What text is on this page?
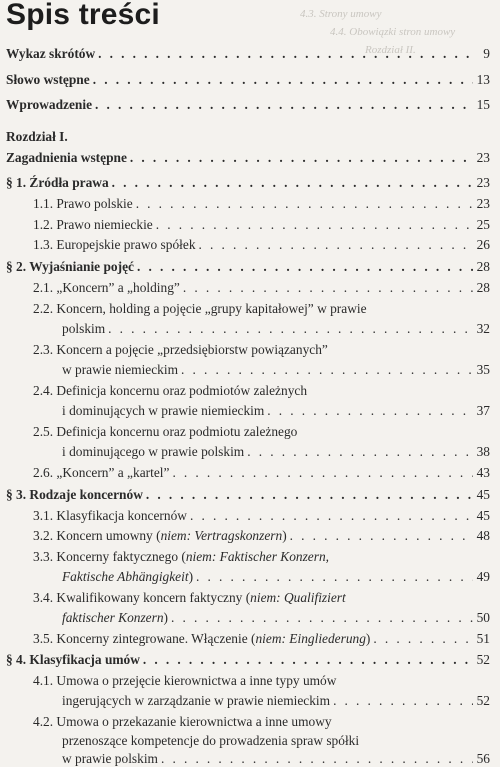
4.3. Strony umowy
4.4. Obowiązki stron umowy
Rozdział II.
Spis treści
Wykaz skrótów . . .	9
Słowo wstępne . . .	13
Wprowadzenie . . .	15
Rozdział I.
Zagadnienia wstępne . . .	23
§ 1. Źródła prawa . . .	23
1.1. Prawo polskie . . .	23
1.2. Prawo niemieckie . . .	25
1.3. Europejskie prawo spółek . . .	26
§ 2. Wyjaśnianie pojęć . . .	28
2.1. „Koncern” a „holding” . . .	28
2.2. Koncern, holding a pojęcie „grupy kapitałowej” w prawie
polskim . . .	32
2.3. Koncern a pojęcie „przedsiębiorstw powiązanych”
w prawie niemieckim . . .	35
2.4. Definicja koncernu oraz podmiotów zależnych
i dominujących w prawie niemieckim . . .	37
2.5. Definicja koncernu oraz podmiotu zależnego
i dominującego w prawie polskim . . .	38
2.6. „Koncern” a „kartel” . . .	43
§ 3. Rodzaje koncernów . . .	45
3.1. Klasyfikacja koncernów . . .	45
3.2. Koncern umowny (niem: Vertragskonzern) . . .	48
3.3. Koncerny faktycznego (niem: Faktischer Konzern,
Faktische Abhängigkeit) . . .	49
3.4. Kwalifikowany koncern faktyczny (niem: Qualifiziert
faktischer Konzern) . . .	50
3.5. Koncerny zintegrowane. Włączenie (niem: Eingliederung) . . .	51
§ 4. Klasyfikacja umów . . .	52
4.1. Umowa o przejęcie kierownictwa a inne typy umów
ingerujących w zarządzanie w prawie niemieckim . . .	52
4.2. Umowa o przekazanie kierownictwa a inne umowy
przenoszące kompetencje do prowadzenia spraw spółki
w prawie polskim . . .	56
